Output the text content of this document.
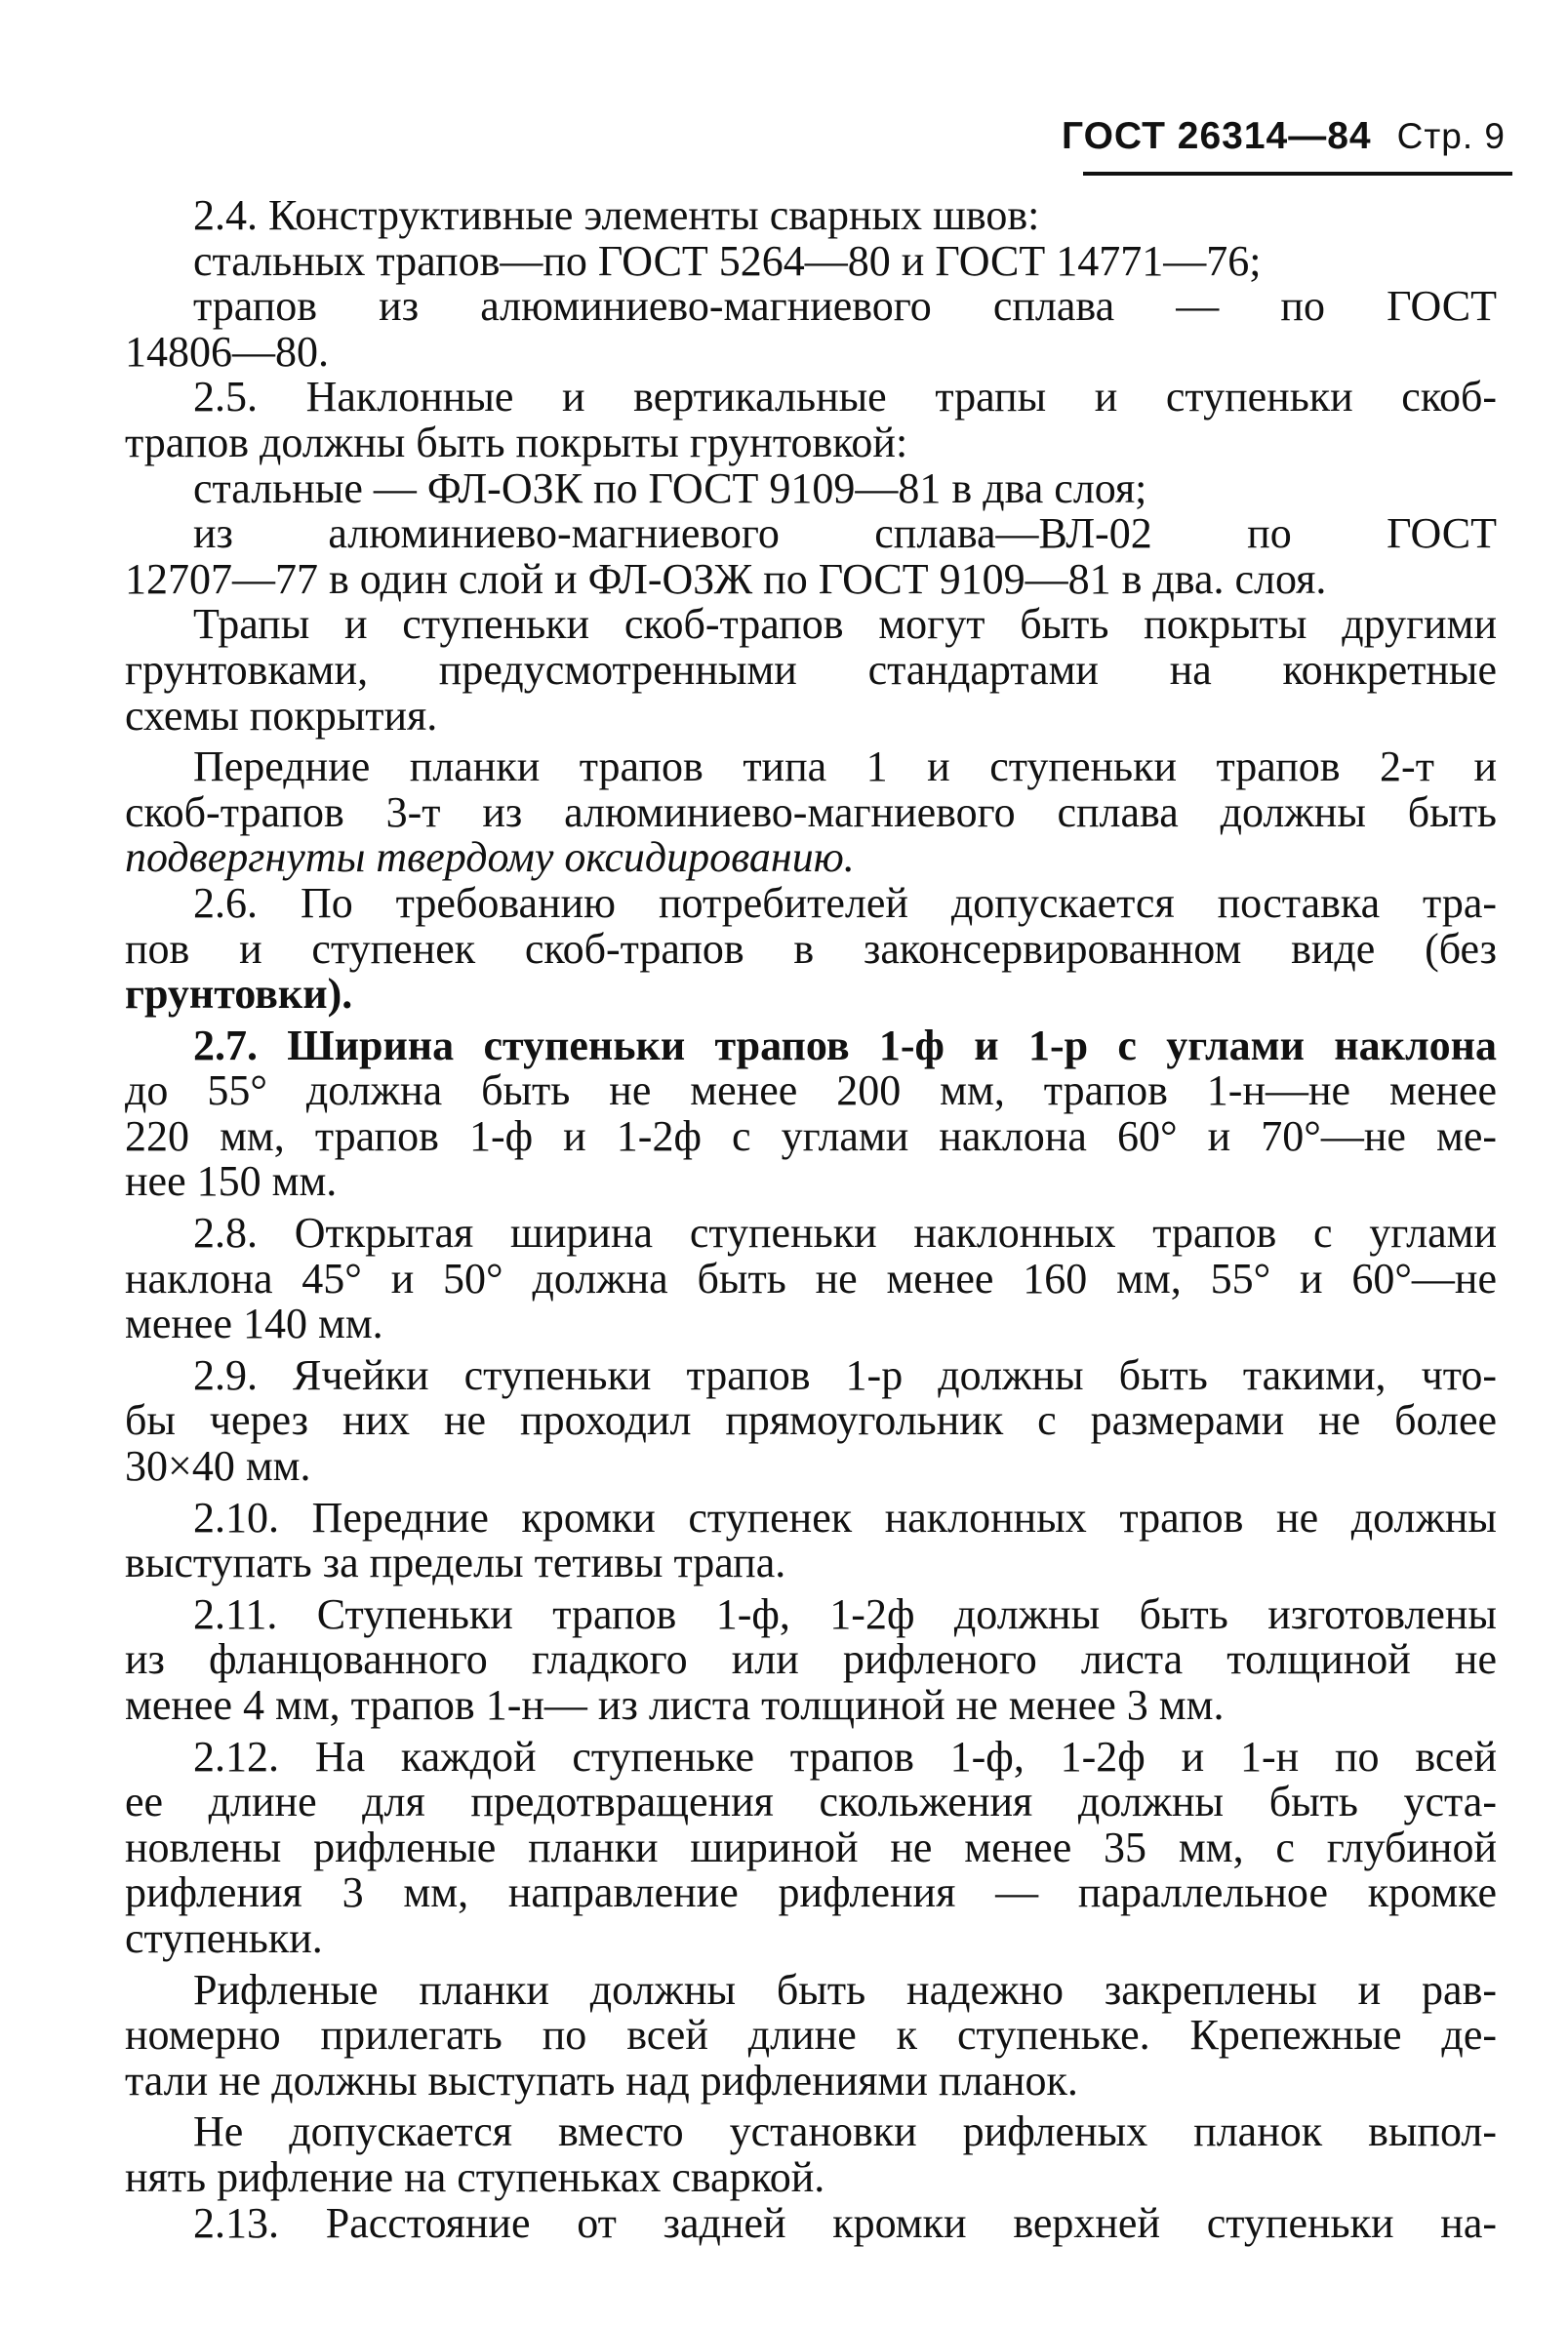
ГОСТ 26314—84 Стр. 9
2.4. Конструктивные элементы сварных швов:
стальных трапов—по ГОСТ 5264—80 и ГОСТ 14771—76;
трапов из алюминиево-магниевого сплава — по ГОСТ
14806—80.
2.5. Наклонные и вертикальные трапы и ступеньки скоб-
трапов должны быть покрыты грунтовкой:
стальные — ФЛ-ОЗК по ГОСТ 9109—81 в два слоя;
из алюминиево-магниевого сплава—ВЛ-02 по ГОСТ
12707—77 в один слой и ФЛ-ОЗЖ по ГОСТ 9109—81 в два. слоя.
Трапы и ступеньки скоб-трапов могут быть покрыты другими
грунтовками, предусмотренными стандартами на конкретные
схемы покрытия.
Передние планки трапов типа 1 и ступеньки трапов 2-т и
скоб-трапов 3-т из алюминиево-магниевого сплава должны быть
подвергнуты твердому оксидированию.
2.6. По требованию потребителей допускается поставка тра-
пов и ступенек скоб-трапов в законсервированном виде (без
грунтовки).
2.7. Ширина ступеньки трапов 1-ф и 1-р с углами наклона
до 55° должна быть не менее 200 мм, трапов 1-н—не менее
220 мм, трапов 1-ф и 1-2ф с углами наклона 60° и 70°—не ме-
нее 150 мм.
2.8. Открытая ширина ступеньки наклонных трапов с углами
наклона 45° и 50° должна быть не менее 160 мм, 55° и 60°—не
менее 140 мм.
2.9. Ячейки ступеньки трапов 1-р должны быть такими, что-
бы через них не проходил прямоугольник с размерами не более
30×40 мм.
2.10. Передние кромки ступенек наклонных трапов не должны
выступать за пределы тетивы трапа.
2.11. Ступеньки трапов 1-ф, 1-2ф должны быть изготовлены
из фланцованного гладкого или рифленого листа толщиной не
менее 4 мм, трапов 1-н— из листа толщиной не менее 3 мм.
2.12. На каждой ступеньке трапов 1-ф, 1-2ф и 1-н по всей
ее длине для предотвращения скольжения должны быть уста-
новлены рифленые планки шириной не менее 35 мм, с глубиной
рифления 3 мм, направление рифления — параллельное кромке
ступеньки.
Рифленые планки должны быть надежно закреплены и рав-
номерно прилегать по всей длине к ступеньке. Крепежные де-
тали не должны выступать над рифлениями планок.
Не допускается вместо установки рифленых планок выпол-
нять рифление на ступеньках сваркой.
2.13. Расстояние от задней кромки верхней ступеньки на-
